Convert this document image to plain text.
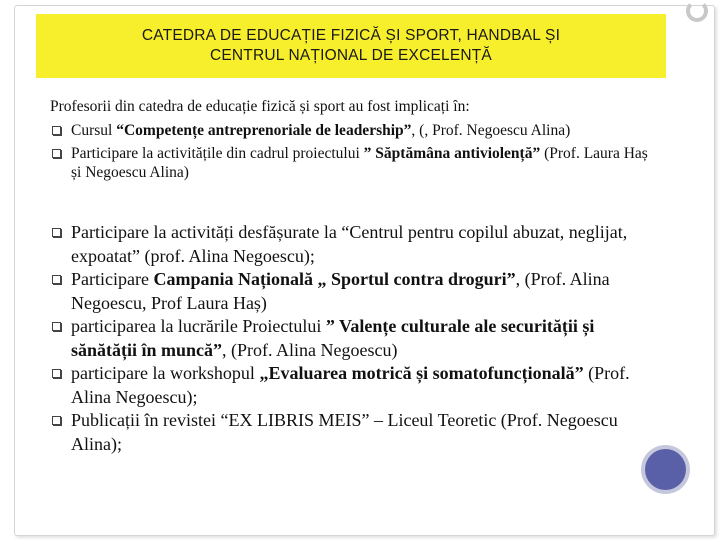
CATEDRA DE EDUCAȚIE FIZICĂ ȘI SPORT, HANDBAL ȘI
CENTRUL NAȚIONAL DE EXCELENȚĂ

Profesorii din catedra de educație fizică și sport au fost implicați în:

Cursul “Competențe antreprenoriale de leadership”, (, Prof. Negoescu Alina)
Participare la activitățile din cadrul proiectului ” Săptămâna antiviolență” (Prof. Laura Haș și Negoescu Alina)
Participare la activități desfășurate la “Centrul pentru copilul abuzat, neglijat, expoatat” (prof. Alina Negoescu);
Participare Campania Națională „ Sportul contra droguri”, (Prof. Alina Negoescu, Prof Laura Haș)
participarea la lucrările Proiectului ” Valențe culturale ale securității și sănătății în muncă”, (Prof. Alina Negoescu)
participare la workshopul „Evaluarea motrică și somatofuncțională” (Prof. Alina Negoescu);
Publicații în revistei “EX LIBRIS MEIS” – Liceul Teoretic (Prof. Negoescu Alina);
